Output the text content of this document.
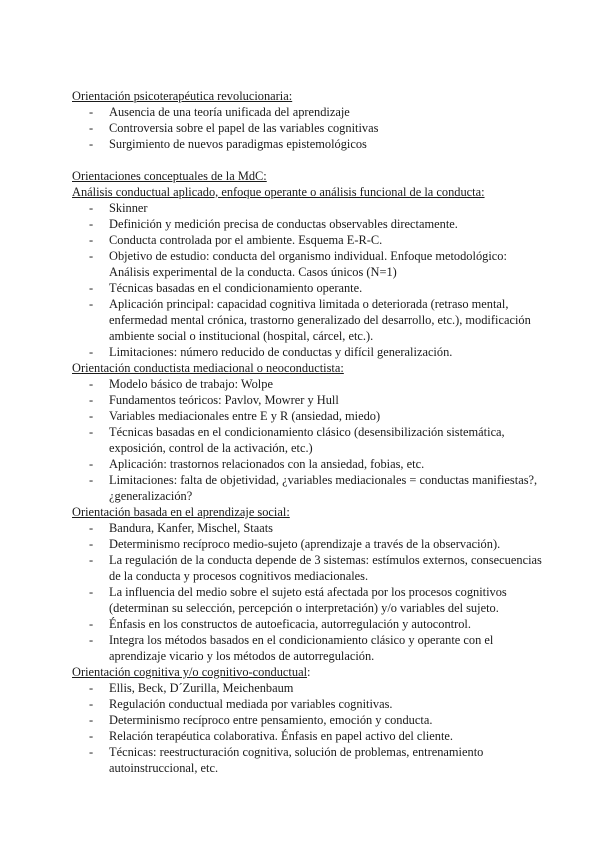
Orientación psicoterapéutica revolucionaria:
- Ausencia de una teoría unificada del aprendizaje
- Controversia sobre el papel de las variables cognitivas
- Surgimiento de nuevos paradigmas epistemológicos
Orientaciones conceptuales de la MdC:
Análisis conductual aplicado, enfoque operante o análisis funcional de la conducta:
- Skinner
- Definición y medición precisa de conductas observables directamente.
- Conducta controlada por el ambiente. Esquema E-R-C.
- Objetivo de estudio: conducta del organismo individual. Enfoque metodológico: Análisis experimental de la conducta. Casos únicos (N=1)
- Técnicas basadas en el condicionamiento operante.
- Aplicación principal: capacidad cognitiva limitada o deteriorada (retraso mental, enfermedad mental crónica, trastorno generalizado del desarrollo, etc.), modificación ambiente social o institucional (hospital, cárcel, etc.).
- Limitaciones: número reducido de conductas y difícil generalización.
Orientación conductista mediacional o neoconductista:
- Modelo básico de trabajo: Wolpe
- Fundamentos teóricos: Pavlov, Mowrer y Hull
- Variables mediacionales entre E y R (ansiedad, miedo)
- Técnicas basadas en el condicionamiento clásico (desensibilización sistemática, exposición, control de la activación, etc.)
- Aplicación: trastornos relacionados con la ansiedad, fobias, etc.
- Limitaciones: falta de objetividad, ¿variables mediacionales = conductas manifiestas?, ¿generalización?
Orientación basada en el aprendizaje social:
- Bandura, Kanfer, Mischel, Staats
- Determinismo recíproco medio-sujeto (aprendizaje a través de la observación).
- La regulación de la conducta depende de 3 sistemas: estímulos externos, consecuencias de la conducta y procesos cognitivos mediacionales.
- La influencia del medio sobre el sujeto está afectada por los procesos cognitivos (determinan su selección, percepción o interpretación) y/o variables del sujeto.
- Énfasis en los constructos de autoeficacia, autorregulación y autocontrol.
- Integra los métodos basados en el condicionamiento clásico y operante con el aprendizaje vicario y los métodos de autorregulación.
Orientación cognitiva y/o cognitivo-conductual:
- Ellis, Beck, D´Zurilla, Meichenbaum
- Regulación conductual mediada por variables cognitivas.
- Determinismo recíproco entre pensamiento, emoción y conducta.
- Relación terapéutica colaborativa. Énfasis en papel activo del cliente.
- Técnicas: reestructuración cognitiva, solución de problemas, entrenamiento autoinstruccional, etc.
